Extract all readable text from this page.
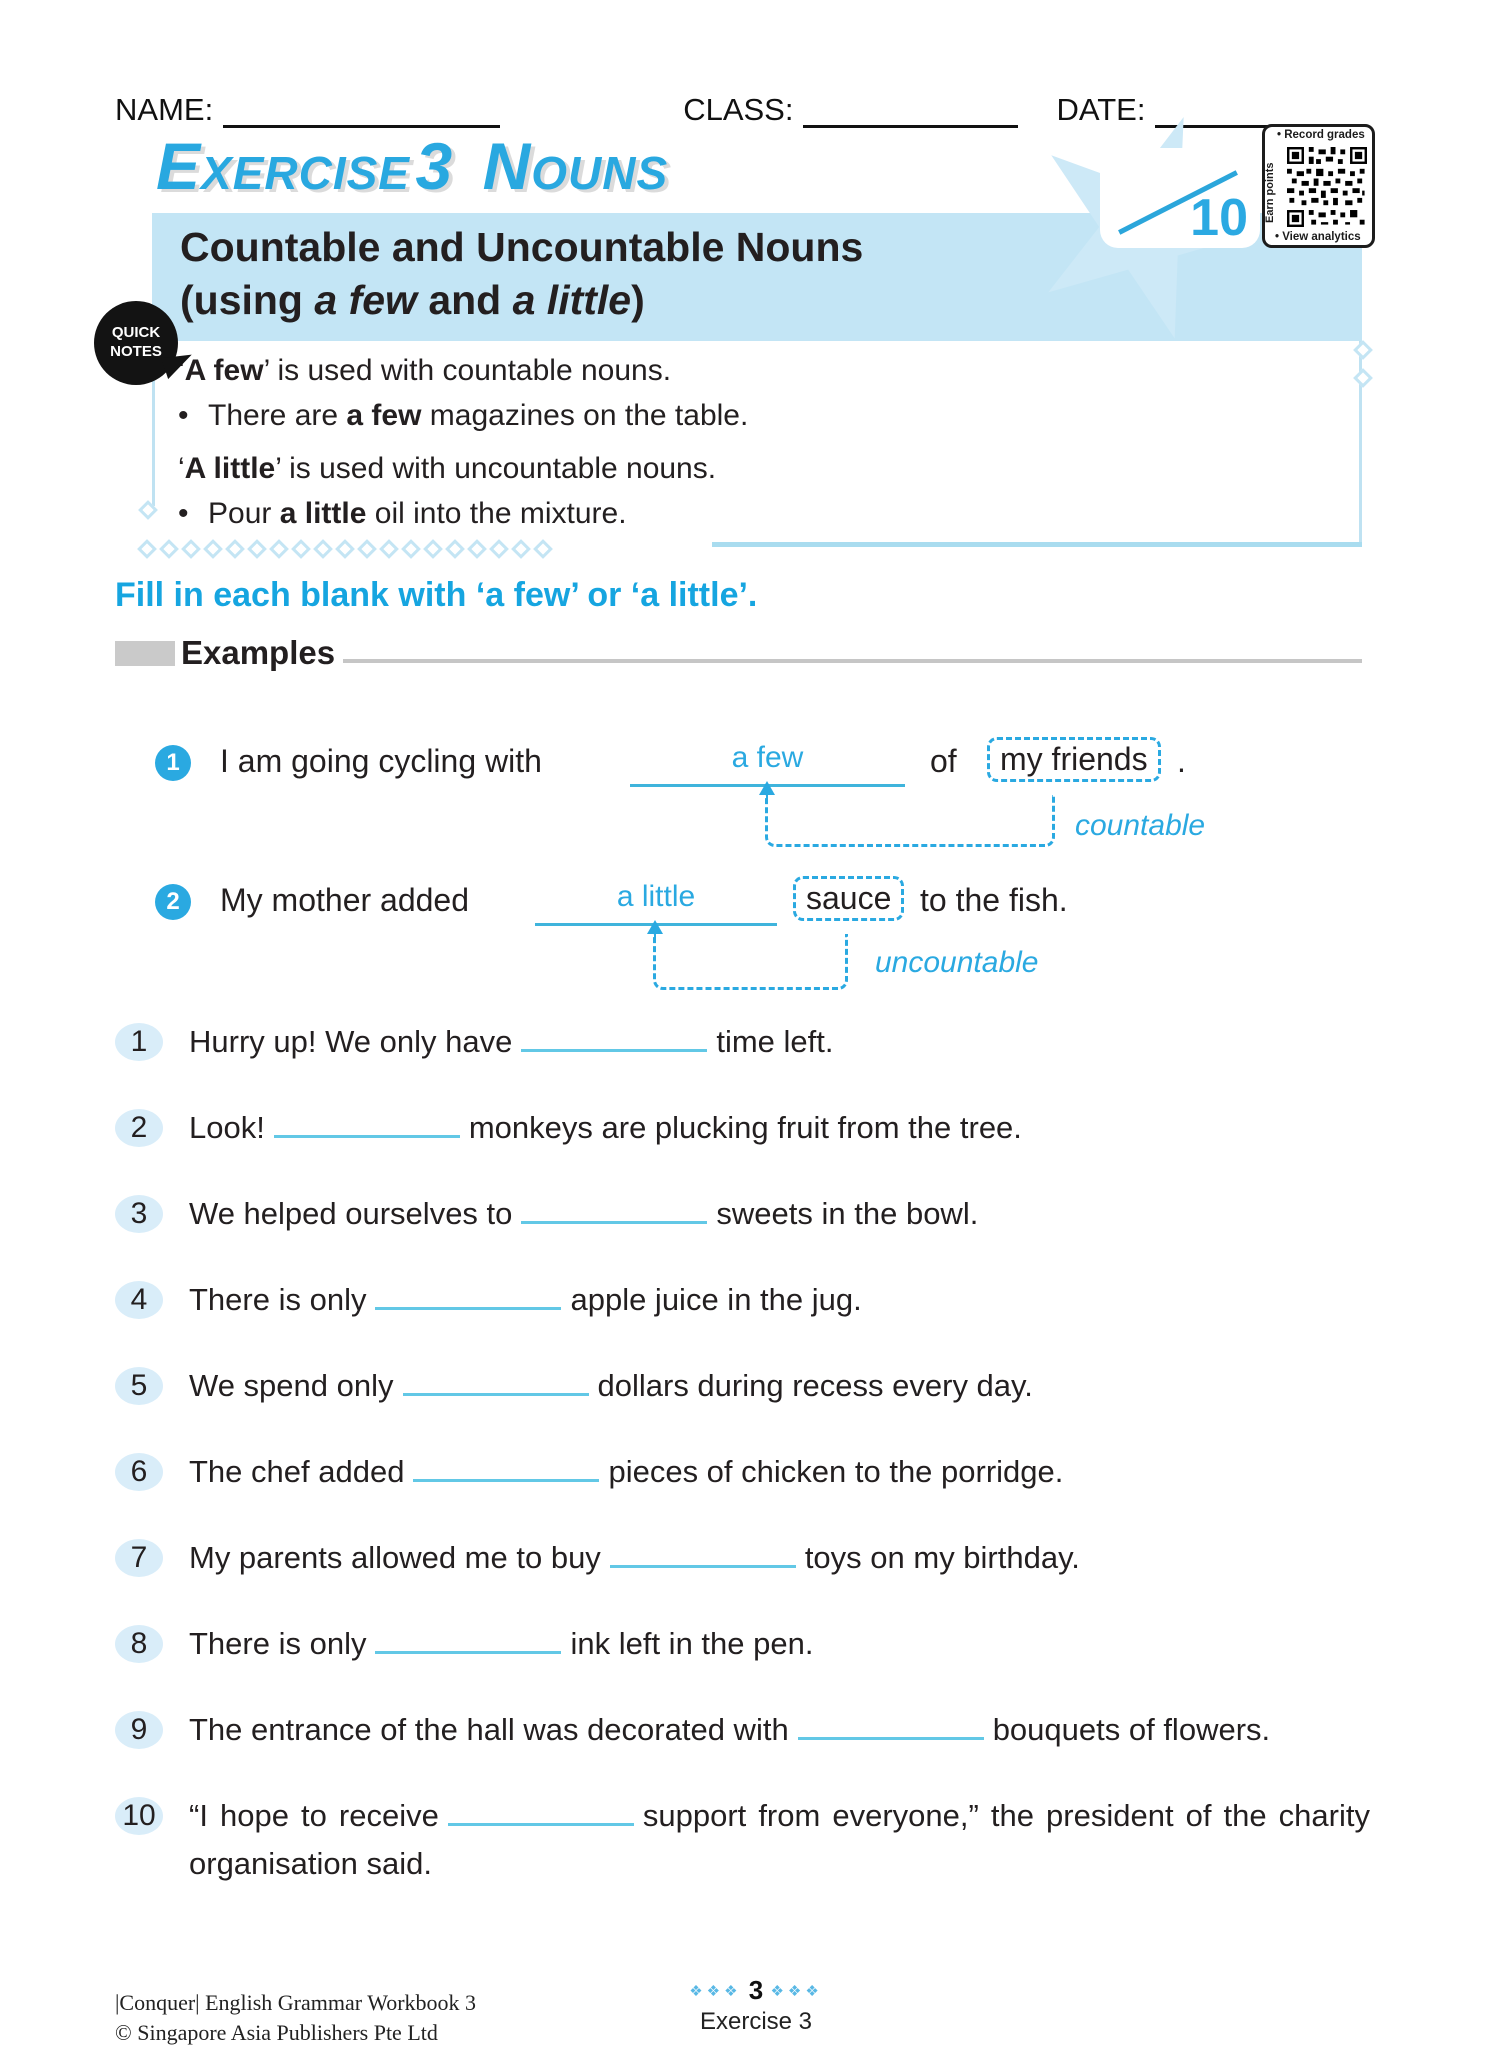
NAME:	CLASS:	DATE:
EXERCISE 3 NOUNS
Countable and Uncountable Nouns
(using a few and a little)
10
• Record grades
Earn points
• View analytics
QUICK
NOTES
‘A few’ is used with countable nouns.
• There are a few magazines on the table.
‘A little’ is used with uncountable nouns.
• Pour a little oil into the mixture.
Fill in each blank with ‘a few’ or ‘a little’.
Examples
1	I am going cycling with	a few	of	my friends .
countable
2	My mother added	a little	sauce to the fish.
uncountable
1	Hurry up! We only have	time left.
2	Look!	monkeys are plucking fruit from the tree.
3	We helped ourselves to	sweets in the bowl.
4	There is only	apple juice in the jug.
5	We spend only	dollars during recess every day.
6	The chef added	pieces of chicken to the porridge.
7	My parents allowed me to buy	toys on my birthday.
8	There is only	ink left in the pen.
9	The entrance of the hall was decorated with	bouquets of flowers.
10 “I hope to receive	support from everyone,” the president of the charity organisation said.
|Conquer| English Grammar Workbook 3
© Singapore Asia Publishers Pte Ltd
❖❖❖ 3 ❖❖❖
Exercise 3
